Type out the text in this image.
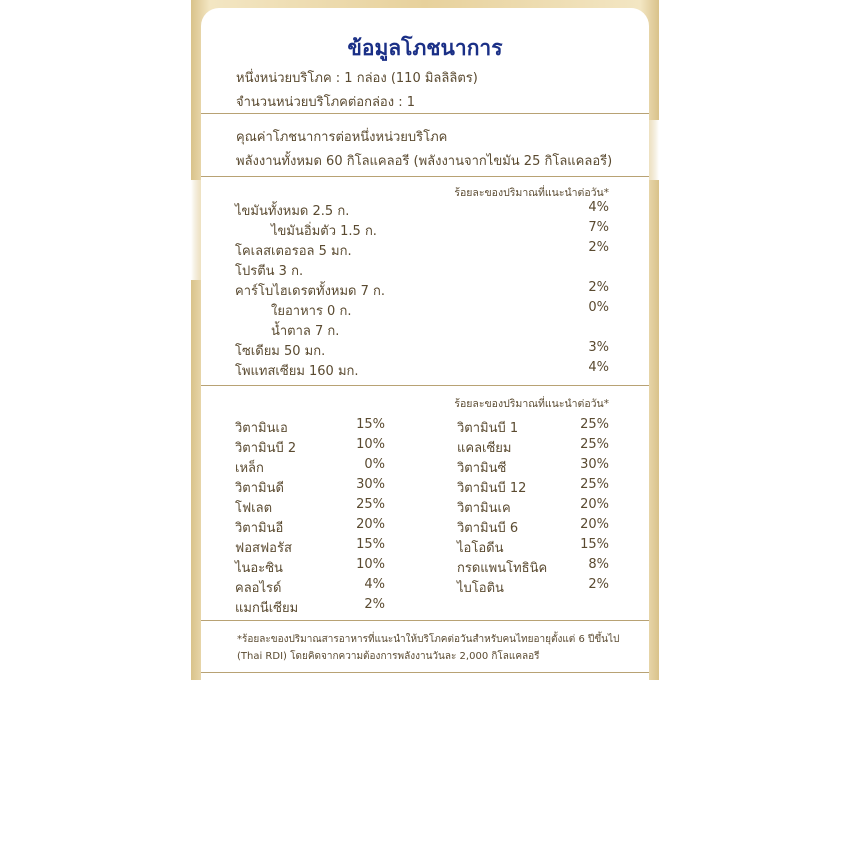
ข้อมูลโภชนาการ
หนึ่งหน่วยบริโภค : 1 กล่อง (110 มิลลิลิตร)
จำนวนหน่วยบริโภคต่อกล่อง : 1
คุณค่าโภชนาการต่อหนึ่งหน่วยบริโภค
พลังงานทั้งหมด 60 กิโลแคลอรี (พลังงานจากไขมัน 25 กิโลแคลอรี)
ร้อยละของปริมาณที่แนะนำต่อวัน*
ไขมันทั้งหมด 2.5 ก.	4%
ไขมันอิ่มตัว 1.5 ก.	7%
โคเลสเตอรอล 5 มก.	2%
โปรตีน 3 ก.
คาร์โบไฮเดรตทั้งหมด 7 ก.	2%
ใยอาหาร 0 ก.	0%
น้ำตาล 7 ก.
โซเดียม 50 มก.	3%
โพแทสเซียม 160 มก.	4%
ร้อยละของปริมาณที่แนะนำต่อวัน*
วิตามินเอ	15%
วิตามินบี 2	10%
เหล็ก	0%
วิตามินดี	30%
โฟเลต	25%
วิตามินอี	20%
ฟอสฟอรัส	15%
ไนอะซิน	10%
คลอไรด์	4%
แมกนีเซียม	2%
วิตามินบี 1	25%
แคลเซียม	25%
วิตามินซี	30%
วิตามินบี 12	25%
วิตามินเค	20%
วิตามินบี 6	20%
ไอโอดีน	15%
กรดแพนโทธินิค	8%
ไบโอติน	2%
*ร้อยละของปริมาณสารอาหารที่แนะนำให้บริโภคต่อวันสำหรับคนไทยอายุตั้งแต่ 6 ปีขึ้นไป
(Thai RDI) โดยคิดจากความต้องการพลังงานวันละ 2,000 กิโลแคลอรี
